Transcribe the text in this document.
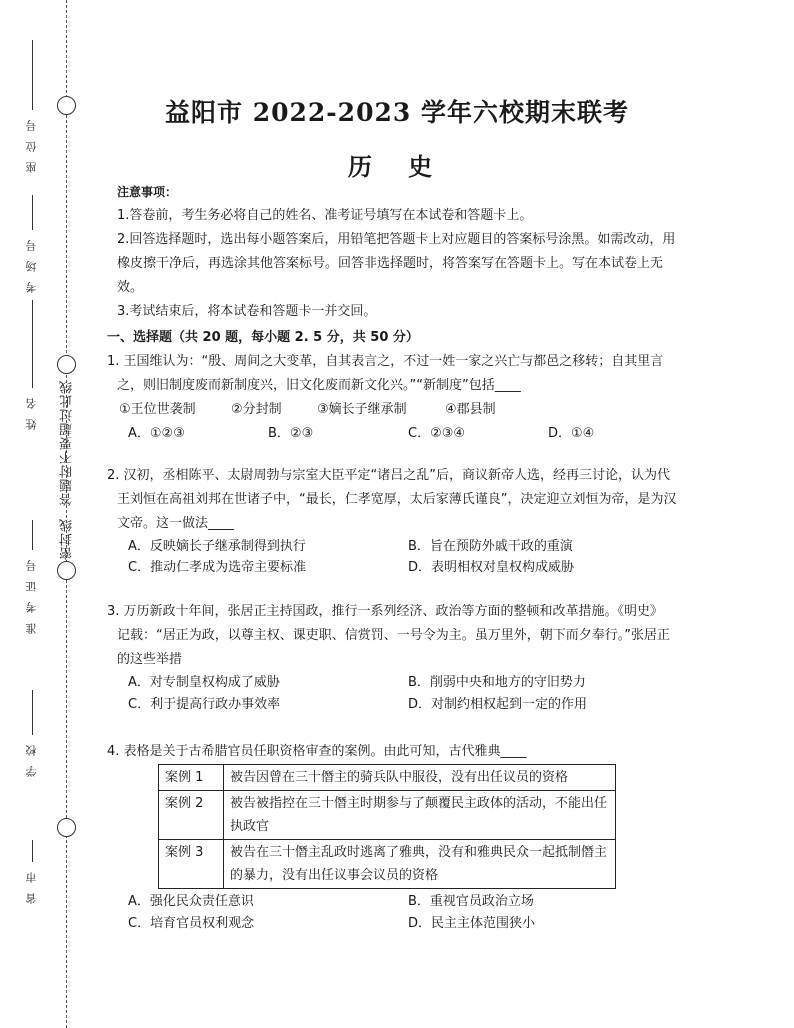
密封线答题时不要超过此线
座位号
考场号
姓名
准考证号
学校
省市
益阳市 2022-2023 学年六校期末联考
历 史
注意事项：
1.答卷前，考生务必将自己的姓名、准考证号填写在本试卷和答题卡上。
2.回答选择题时，选出每小题答案后，用铅笔把答题卡上对应题目的答案标号涂黑。如需改动，用
橡皮擦干净后，再选涂其他答案标号。回答非选择题时，将答案写在答题卡上。写在本试卷上无
效。
3.考试结束后，将本试卷和答题卡一并交回。
一、选择题（共 20 题，每小题 2. 5 分，共 50 分）
1. 王国维认为：“殷、周间之大变革，自其表言之，不过一姓一家之兴亡与都邑之移转；自其里言
之，则旧制度废而新制度兴，旧文化废而新文化兴。”“新制度”包括____
①王位世袭制	②分封制	③嫡长子继承制	④郡县制
A．①②③	B．②③	C．②③④	D．①④
2. 汉初，丞相陈平、太尉周勃与宗室大臣平定“诸吕之乱”后，商议新帝人选，经再三讨论，认为代
王刘恒在高祖刘邦在世诸子中，“最长，仁孝宽厚，太后家薄氏谨良”，决定迎立刘恒为帝，是为汉
文帝。这一做法____
A．反映嫡长子继承制得到执行	B．旨在预防外戚干政的重演
C．推动仁孝成为选帝主要标准	D．表明相权对皇权构成威胁
3. 万历新政十年间，张居正主持国政，推行一系列经济、政治等方面的整顿和改革措施。《明史》
记载：“居正为政，以尊主权、课吏职、信赏罚、一号令为主。虽万里外，朝下而夕奉行。”张居正
的这些举措
A．对专制皇权构成了威胁	B．削弱中央和地方的守旧势力
C．利于提高行政办事效率	D．对制约相权起到一定的作用
4. 表格是关于古希腊官员任职资格审查的案例。由此可知，古代雅典____
案例 1	被告因曾在三十僭主的骑兵队中服役，没有出任议员的资格
案例 2	被告被指控在三十僭主时期参与了颠覆民主政体的活动，不能出任执政官
案例 3	被告在三十僭主乱政时逃离了雅典，没有和雅典民众一起抵制僭主的暴力，没有出任议事会议员的资格
A．强化民众责任意识	B．重视官员政治立场
C．培育官员权利观念	D．民主主体范围狭小
